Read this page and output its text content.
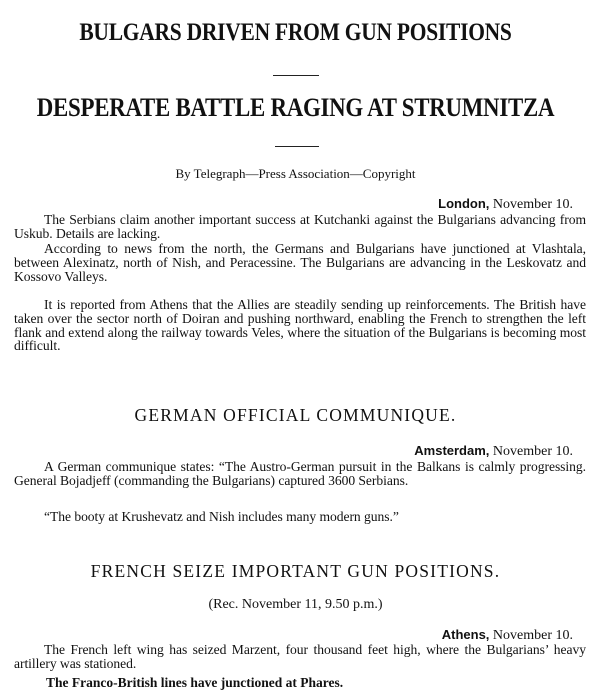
BULGARS DRIVEN FROM GUN POSITIONS
DESPERATE BATTLE RAGING AT STRUMNITZA
By Telegraph—Press Association—Copyright
London, November 10.
The Serbians claim another important success at Kutchanki against the Bulgarians advancing from Uskub. Details are lacking.
According to news from the north, the Germans and Bulgarians have junctioned at Vlashtala, between Alexinatz, north of Nish, and Peracessine. The Bulgarians are advancing in the Leskovatz and Kossovo Valleys.
It is reported from Athens that the Allies are steadily sending up reinforcements. The British have taken over the sector north of Doiran and pushing northward, enabling the French to strengthen the left flank and extend along the railway towards Veles, where the situation of the Bulgarians is becoming most difficult.
GERMAN OFFICIAL COMMUNIQUE.
Amsterdam, November 10.
A German communique states: “The Austro-German pursuit in the Balkans is calmly progressing. General Bojadjeff (commanding the Bulgarians) captured 3600 Serbians.
“The booty at Krushevatz and Nish includes many modern guns.”
FRENCH SEIZE IMPORTANT GUN POSITIONS.
(Rec. November 11, 9.50 p.m.)
Athens, November 10.
The French left wing has seized Marzent, four thousand feet high, where the Bulgarians’ heavy artillery was stationed.
The Franco-British lines have junctioned at Phares.
